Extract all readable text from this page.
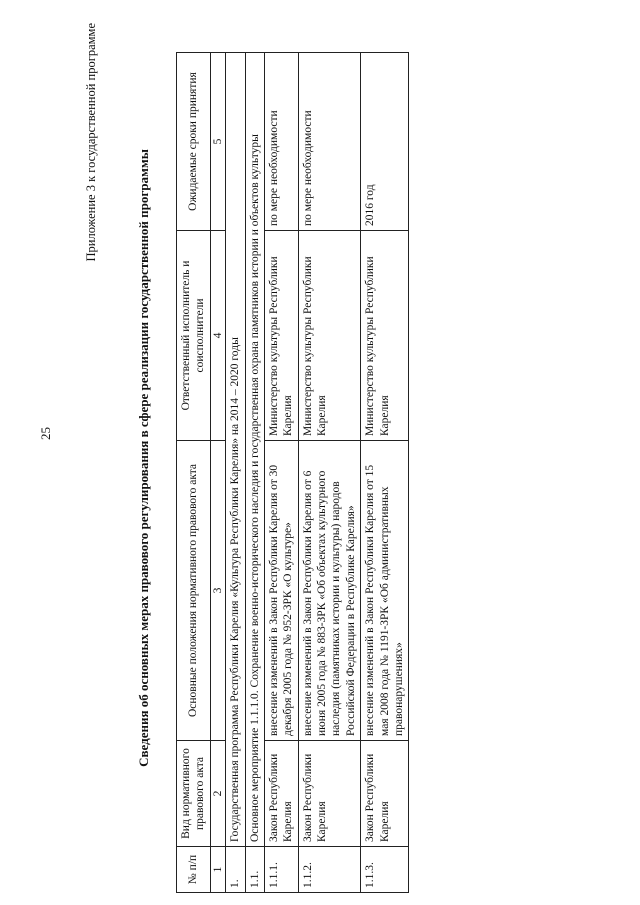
25
Приложение 3 к государственной программе
Сведения об основных мерах правового регулирования в сфере реализации государственной программы
№ п/п	Вид нормативного правового акта	Основные положения нормативного правового акта	Ответственный исполнитель и соисполнители	Ожидаемые сроки принятия
1	2	3	4	5
1.	Государственная программа Республики Карелия «Культура Республики Карелия» на 2014 – 2020 годы			
1.1.	Основное мероприятие 1.1.1.0. Сохранение военно-исторического наследия и государственная охрана памятников истории и объектов культуры			
1.1.1.	Закон Республики Карелия	внесение изменений в Закон Республики Карелия от 30 декабря 2005 года № 952-ЗРК «О культуре»	Министерство культуры Республики Карелия	по мере необходимости
1.1.2.	Закон Республики Карелия	внесение изменений в Закон Республики Карелия от 6 июня 2005 года № 883-ЗРК «Об объектах культурного наследия (памятниках истории и культуры) народов Российской Федерации в Республике Карелия»	Министерство культуры Республики Карелия	по мере необходимости
1.1.3.	Закон Республики Карелия	внесение изменений в Закон Республики Карелия от 15 мая 2008 года № 1191-ЗРК «Об административных правонарушениях»	Министерство культуры Республики Карелия	2016 год
